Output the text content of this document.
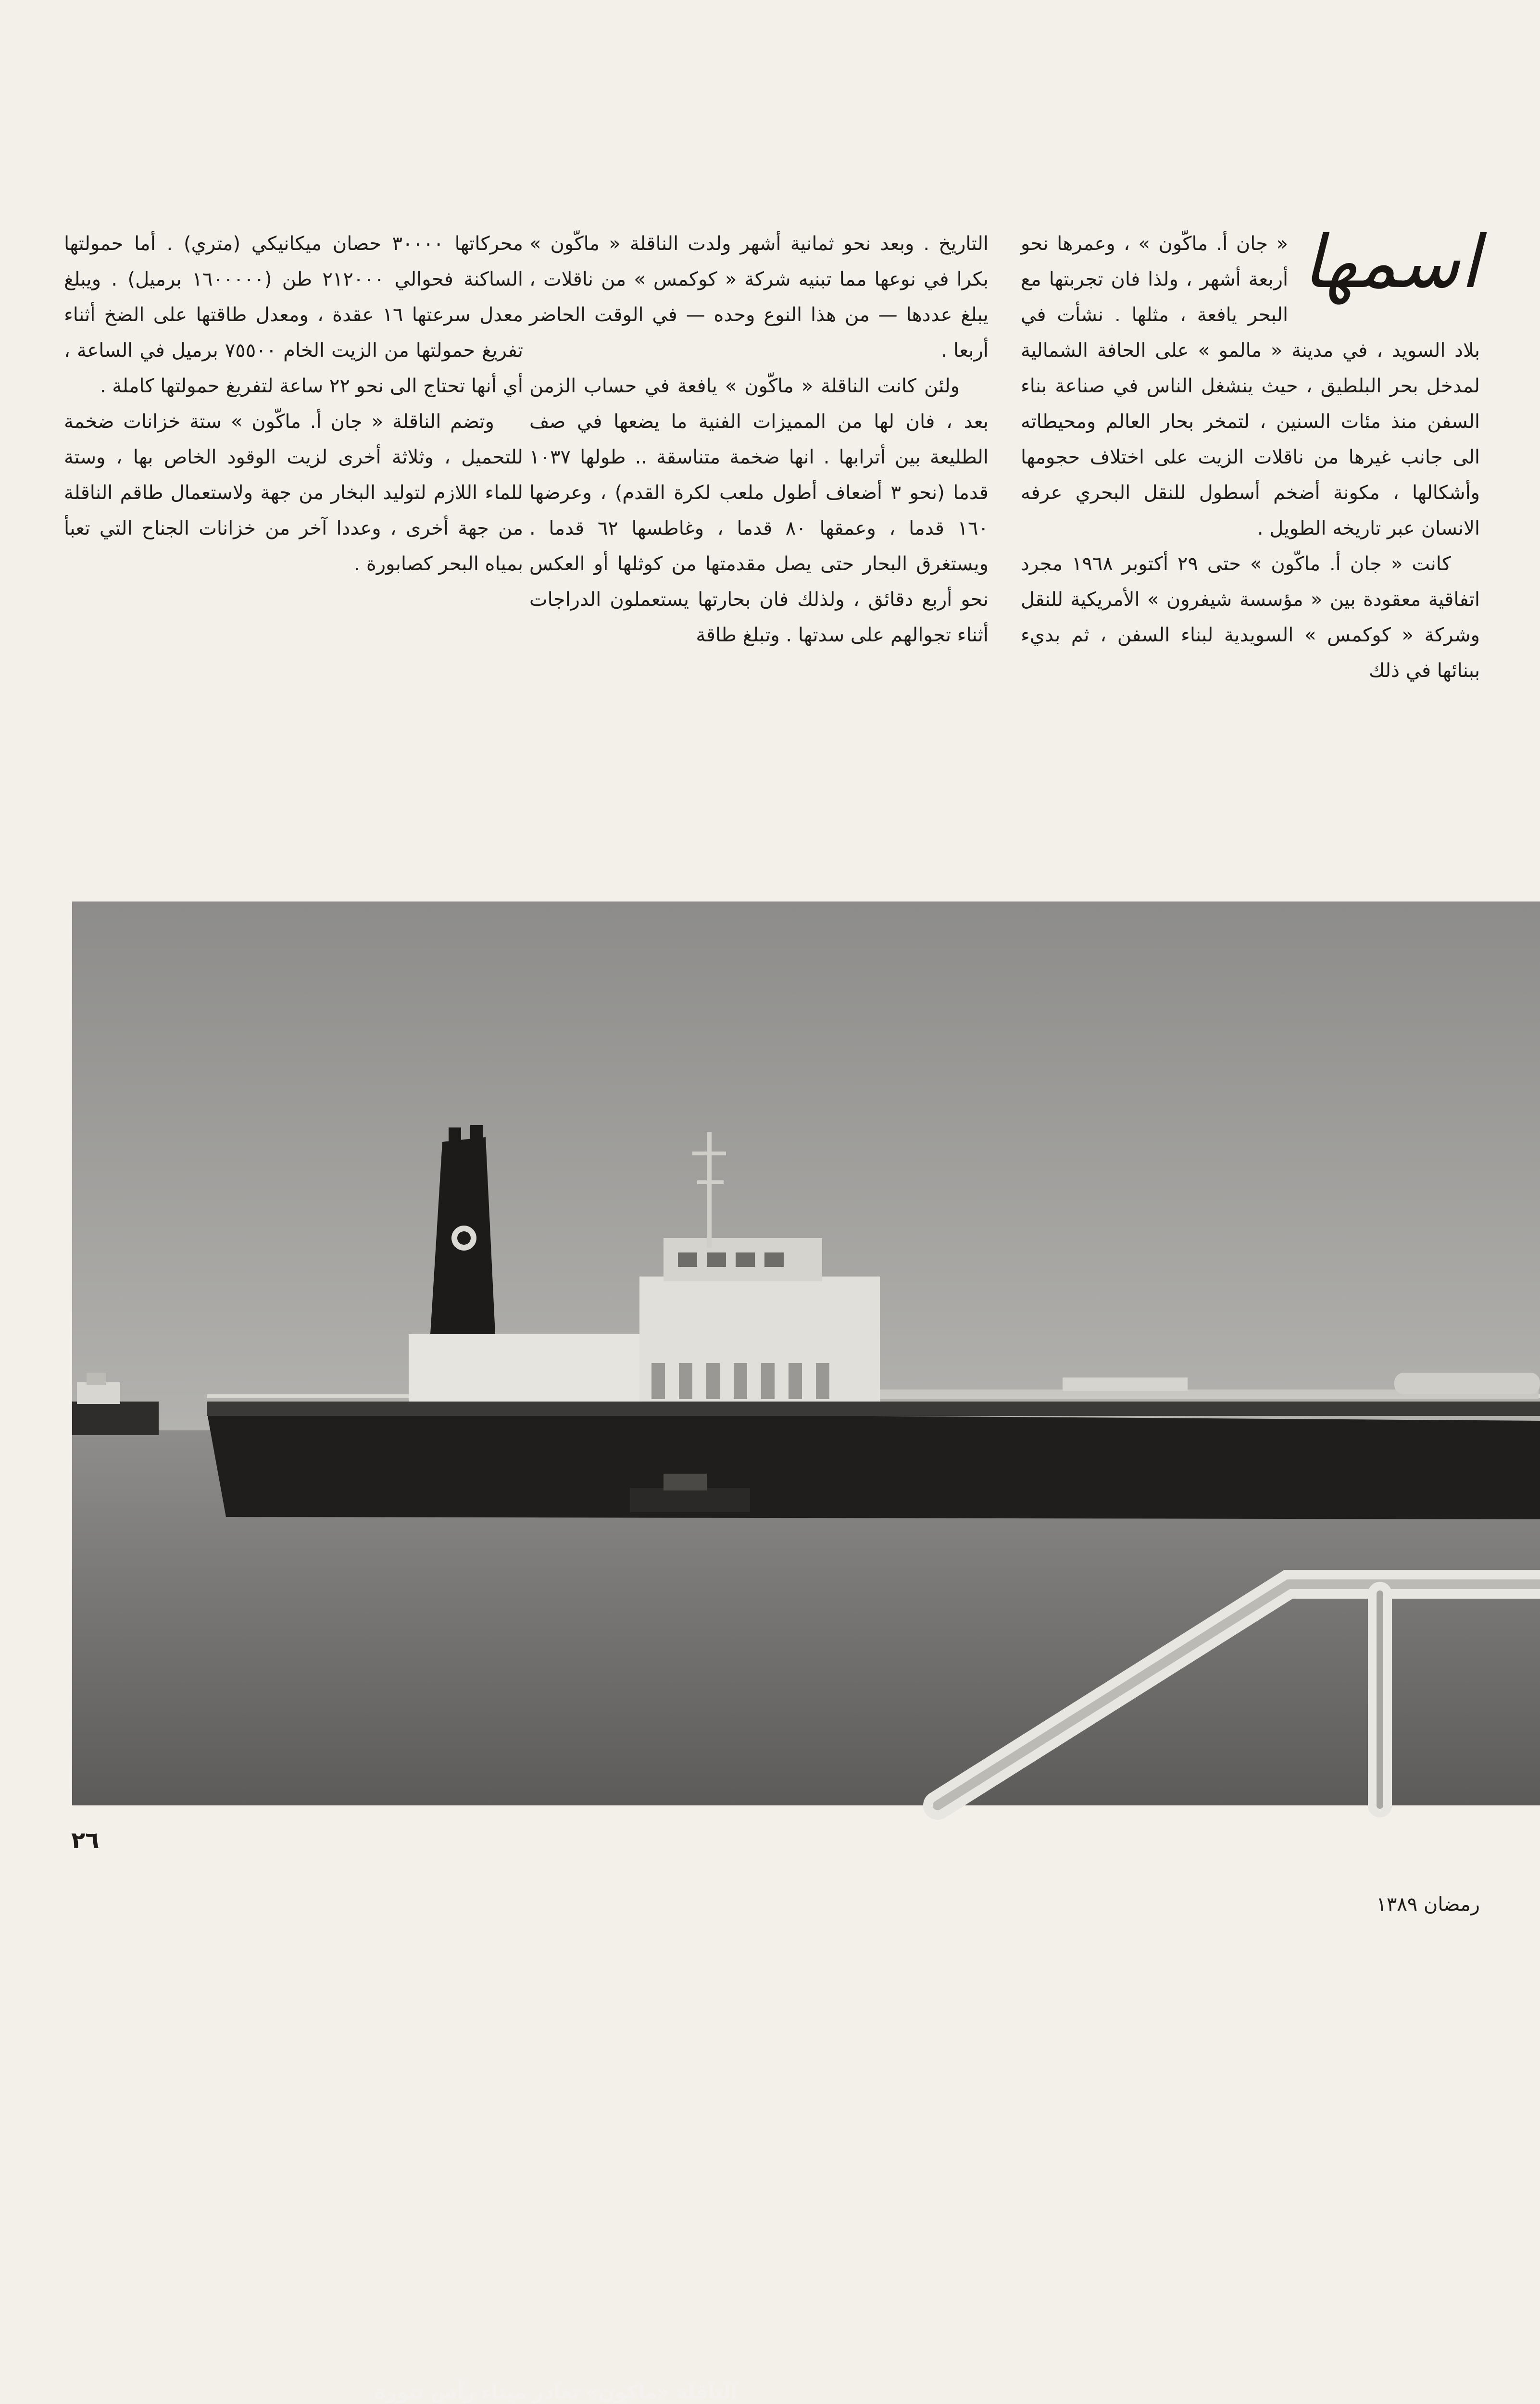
اسمها
« جان أ. ماكّون » ، وعمرها نحو أربعة أشهر ، ولذا فان تجربتها مع البحر يافعة ، مثلها . نشأت في بلاد السويد ، في مدينة « مالمو » على الحافة الشمالية لمدخل بحر البلطيق ، حيث ينشغل الناس في صناعة بناء السفن منذ مئات السنين ، لتمخر بحار العالم ومحيطاته الى جانب غيرها من ناقلات الزيت على اختلاف حجومها وأشكالها ، مكونة أضخم أسطول للنقل البحري عرفه الانسان عبر تاريخه الطويل .

كانت « جان أ. ماكّون » حتى ٢٩ أكتوبر ١٩٦٨ مجرد اتفاقية معقودة بين « مؤسسة شيفرون » الأمريكية للنقل وشركة « كوكمس » السويدية لبناء السفن ، ثم بديء ببنائها في ذلك

التاريخ . وبعد نحو ثمانية أشهر ولدت الناقلة « ماكّون » بكرا في نوعها مما تبنيه شركة « كوكمس » من ناقلات ، يبلغ عددها — من هذا النوع وحده — في الوقت الحاضر أربعا .

ولئن كانت الناقلة « ماكّون » يافعة في حساب الزمن بعد ، فان لها من المميزات الفنية ما يضعها في صف الطليعة بين أترابها . انها ضخمة متناسقة .. طولها ١٠٣٧ قدما (نحو ٣ أضعاف أطول ملعب لكرة القدم) ، وعرضها ١٦٠ قدما ، وعمقها ٨٠ قدما ، وغاطسها ٦٢ قدما . ويستغرق البحار حتى يصل مقدمتها من كوثلها أو العكس نحو أربع دقائق ، ولذلك فان بحارتها يستعملون الدراجات أثناء تجوالهم على سدتها . وتبلغ طاقة

محركاتها ٣٠٠٠٠ حصان ميكانيكي (متري) . أما حمولتها الساكنة فحوالي ٢١٢٠٠٠ طن (١٦٠٠٠٠٠ برميل) . ويبلغ معدل سرعتها ١٦ عقدة ، ومعدل طاقتها على الضخ أثناء تفريغ حمولتها من الزيت الخام ٧٥٥٠٠ برميل في الساعة ، أي أنها تحتاج الى نحو ٢٢ ساعة لتفريغ حمولتها كاملة .

وتضم الناقلة « جان أ. ماكّون » ستة خزانات ضخمة للتحميل ، وثلاثة أخرى لزيت الوقود الخاص بها ، وستة للماء اللازم لتوليد البخار من جهة ولاستعمال طاقم الناقلة من جهة أخرى ، وعددا آخر من خزانات الجناح التي تعبأ بمياه البحر كصابورة .

الناقلة «ماكون» تغادر ميناء رأس تنورة
٢٦
رمضان ١٣٨٩
